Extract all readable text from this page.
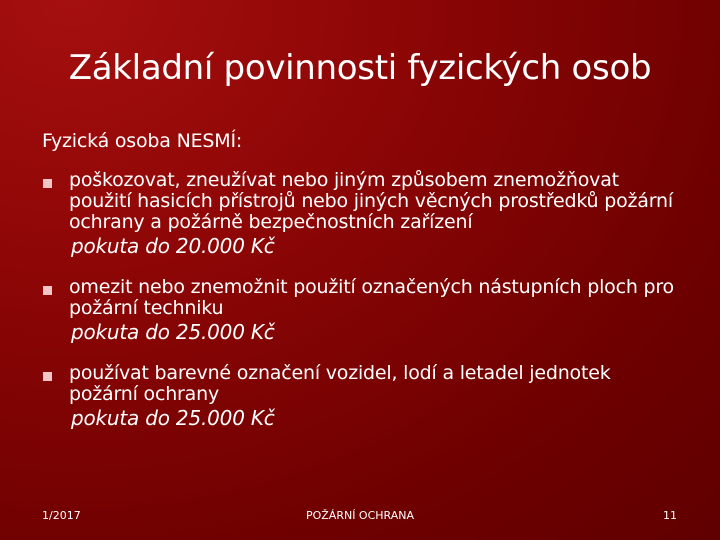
Základní povinnosti fyzických osob
Fyzická osoba NESMÍ:
poškozovat, zneužívat nebo jiným způsobem znemožňovat použití hasicích přístrojů nebo jiných věcných prostředků požární ochrany a požárně bezpečnostních zařízení
pokuta do 20.000 Kč
omezit nebo znemožnit použití označených nástupních ploch pro požární techniku
pokuta do 25.000 Kč
používat barevné označení vozidel, lodí a letadel jednotek požární ochrany
pokuta do 25.000 Kč
1/2017	POŽÁRNÍ OCHRANA	11
